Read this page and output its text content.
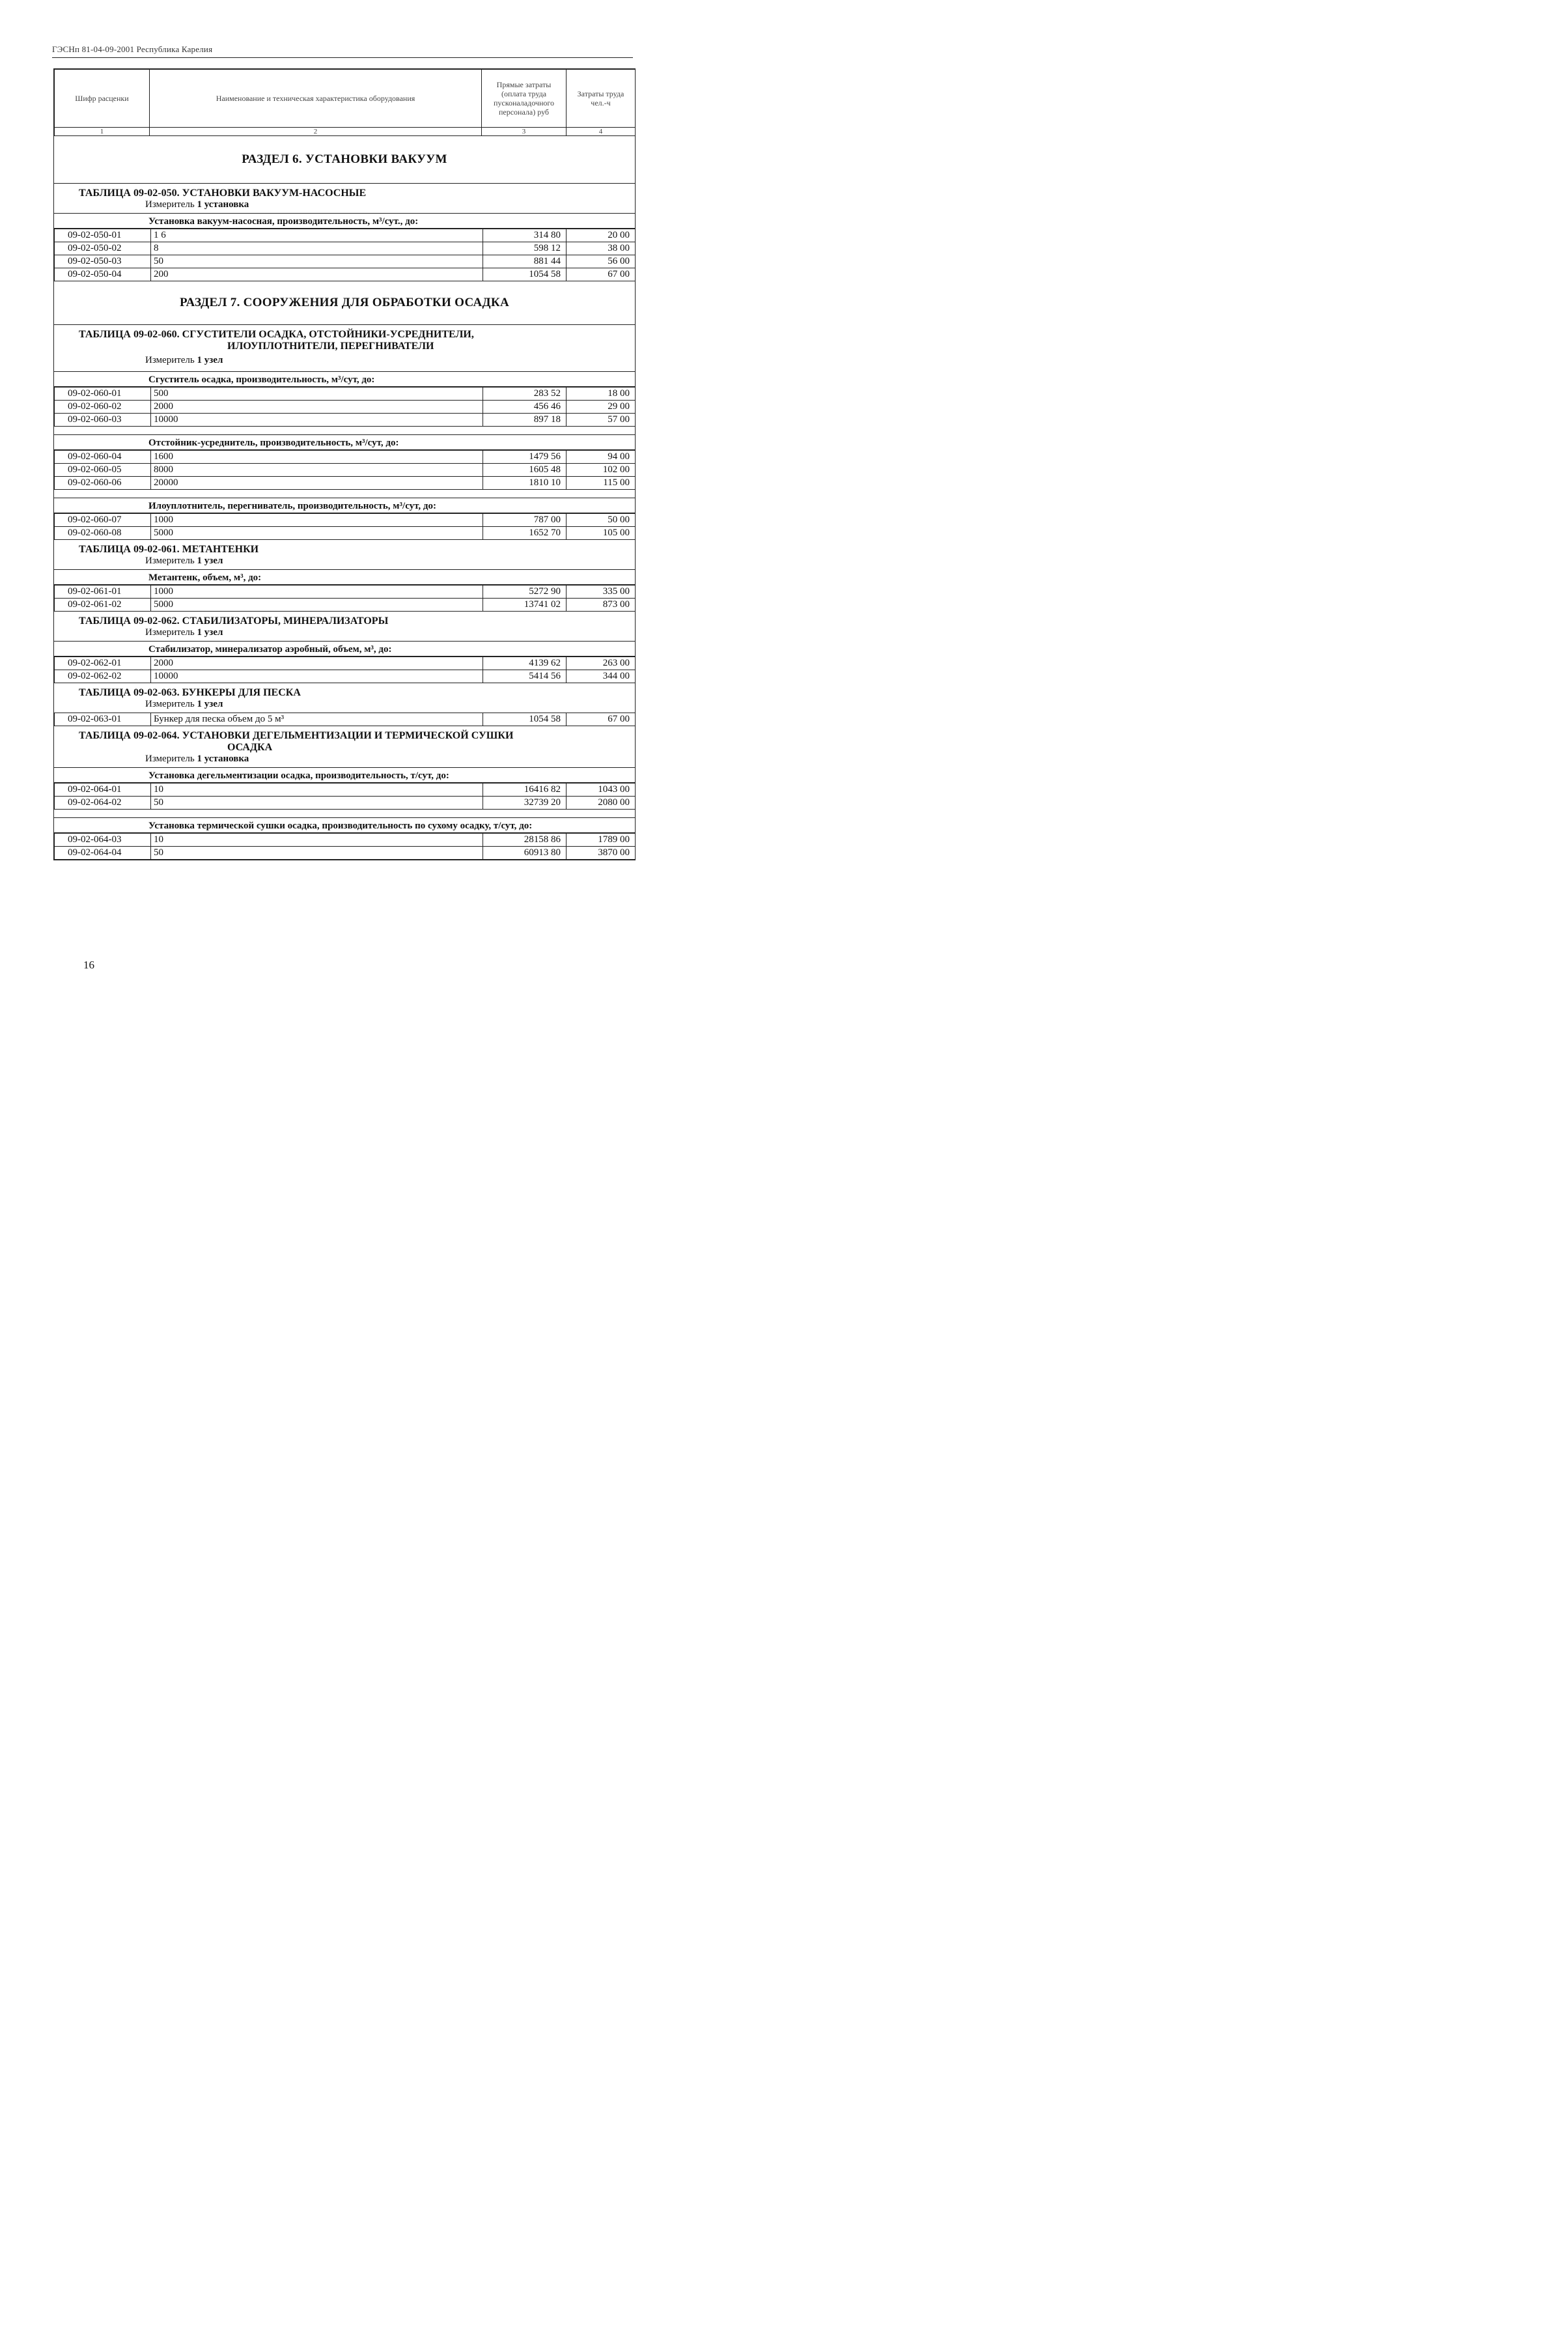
ГЭСНп 81-04-09-2001 Республика Карелия
Шифр расценки	Наименование и техническая характеристика оборудования	Прямые затраты (оплата труда пусконаладочного персонала) руб	Затраты труда чел.-ч
1	2	3	4
РАЗДЕЛ 6. УСТАНОВКИ ВАКУУМ
ТАБЛИЦА 09-02-050. УСТАНОВКИ ВАКУУМ-НАСОСНЫЕ
Измеритель 1 установка
Установка вакуум-насосная, производительность, м³/сут., до:
09-02-050-01	1 6	314 80	20 00
09-02-050-02	8	598 12	38 00
09-02-050-03	50	881 44	56 00
09-02-050-04	200	1054 58	67 00
РАЗДЕЛ 7. СООРУЖЕНИЯ ДЛЯ ОБРАБОТКИ ОСАДКА
ТАБЛИЦА 09-02-060. СГУСТИТЕЛИ ОСАДКА, ОТСТОЙНИКИ-УСРЕДНИТЕЛИ,
ИЛОУПЛОТНИТЕЛИ, ПЕРЕГНИВАТЕЛИ
Измеритель 1 узел
Сгуститель осадка, производительность, м³/сут, до:
09-02-060-01	500	283 52	18 00
09-02-060-02	2000	456 46	29 00
09-02-060-03	10000	897 18	57 00
Отстойник-усреднитель, производительность, м³/сут, до:
09-02-060-04	1600	1479 56	94 00
09-02-060-05	8000	1605 48	102 00
09-02-060-06	20000	1810 10	115 00
Илоуплотнитель, перегниватель, производительность, м³/сут, до:
09-02-060-07	1000	787 00	50 00
09-02-060-08	5000	1652 70	105 00
ТАБЛИЦА 09-02-061. МЕТАНТЕНКИ
Измеритель 1 узел
Метантенк, объем, м³, до:
09-02-061-01	1000	5272 90	335 00
09-02-061-02	5000	13741 02	873 00
ТАБЛИЦА 09-02-062. СТАБИЛИЗАТОРЫ, МИНЕРАЛИЗАТОРЫ
Измеритель 1 узел
Стабилизатор, минерализатор аэробный, объем, м³, до:
09-02-062-01	2000	4139 62	263 00
09-02-062-02	10000	5414 56	344 00
ТАБЛИЦА 09-02-063. БУНКЕРЫ ДЛЯ ПЕСКА
Измеритель 1 узел
09-02-063-01	Бункер для песка объем до 5 м³	1054 58	67 00
ТАБЛИЦА 09-02-064. УСТАНОВКИ ДЕГЕЛЬМЕНТИЗАЦИИ И ТЕРМИЧЕСКОЙ СУШКИ
ОСАДКА
Измеритель 1 установка
Установка дегельментизации осадка, производительность, т/сут, до:
09-02-064-01	10	16416 82	1043 00
09-02-064-02	50	32739 20	2080 00
Установка термической сушки осадка, производительность по сухому осадку, т/сут, до:
09-02-064-03	10	28158 86	1789 00
09-02-064-04	50	60913 80	3870 00
16
